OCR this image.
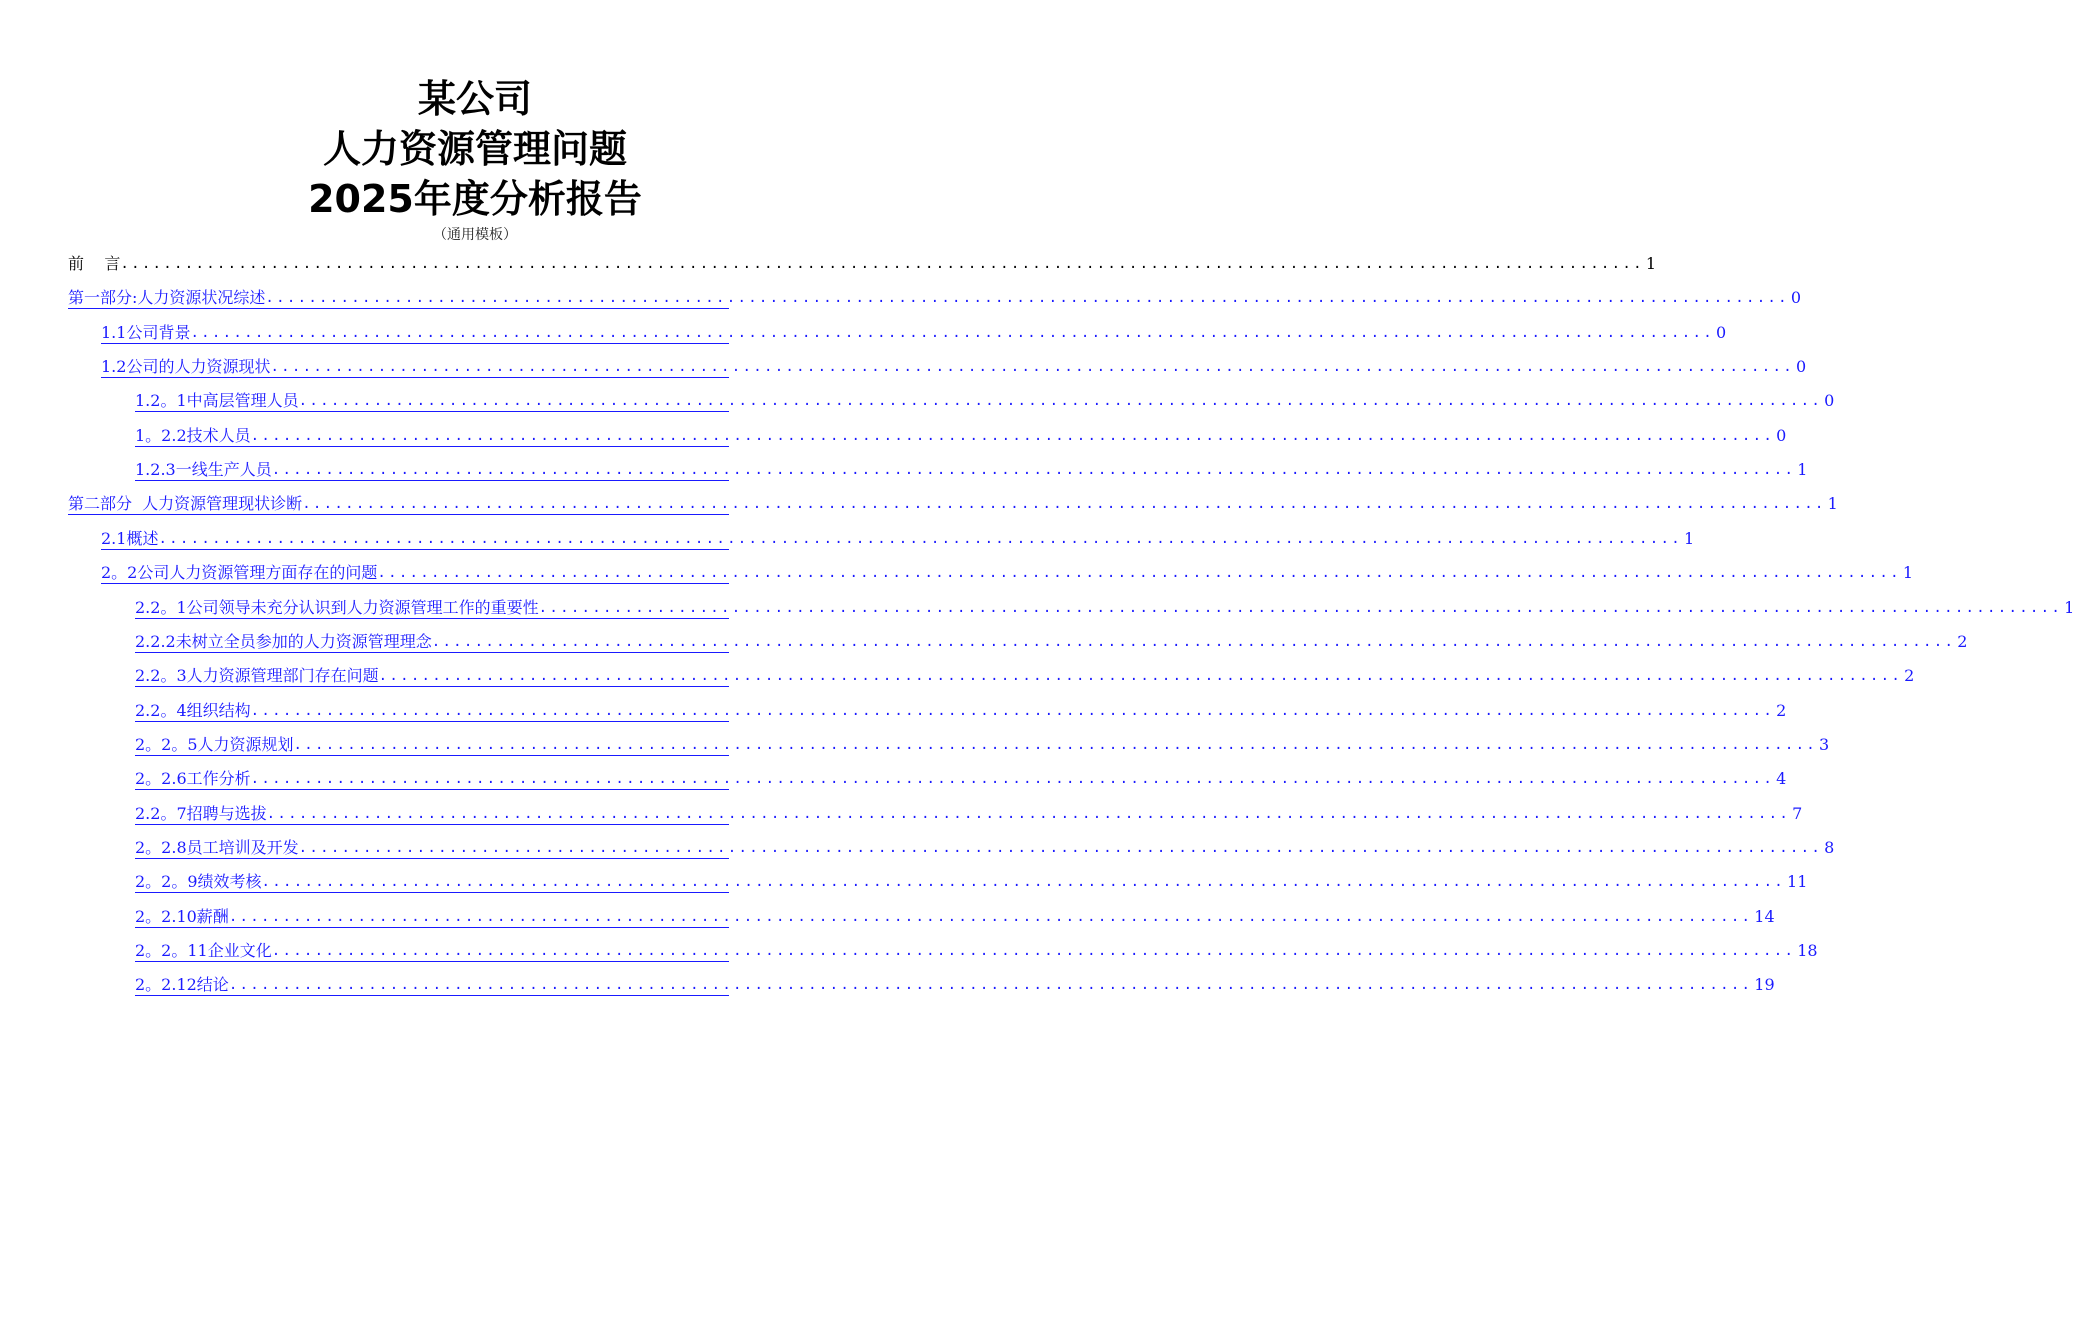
某公司
人力资源管理问题
2025年度分析报告
（通用模板）
前    言 .............................................................................................................................................. 1
第一部分:人力资源状况综述 .............................................................................................................................................. 0
1.1公司背景 .............................................................................................................................................. 0
1.2公司的人力资源现状 .............................................................................................................................................. 0
1.2。1中高层管理人员 .............................................................................................................................................. 0
1。2.2技术人员 .............................................................................................................................................. 0
1.2.3一线生产人员 .............................................................................................................................................. 1
第二部分  人力资源管理现状诊断 .............................................................................................................................................. 1
2.1概述 .............................................................................................................................................. 1
2。2公司人力资源管理方面存在的问题 .............................................................................................................................................. 1
2.2。1公司领导未充分认识到人力资源管理工作的重要性 .............................................................................................................................................. 1
2.2.2未树立全员参加的人力资源管理理念 .............................................................................................................................................. 2
2.2。3人力资源管理部门存在问题 .............................................................................................................................................. 2
2.2。4组织结构 .............................................................................................................................................. 2
2。2。5人力资源规划 .............................................................................................................................................. 3
2。2.6工作分析 .............................................................................................................................................. 4
2.2。7招聘与选拔 .............................................................................................................................................. 7
2。2.8员工培训及开发 .............................................................................................................................................. 8
2。2。9绩效考核 .............................................................................................................................................. 11
2。2.10薪酬 .............................................................................................................................................. 14
2。2。11企业文化 .............................................................................................................................................. 18
2。2.12结论 .............................................................................................................................................. 19
